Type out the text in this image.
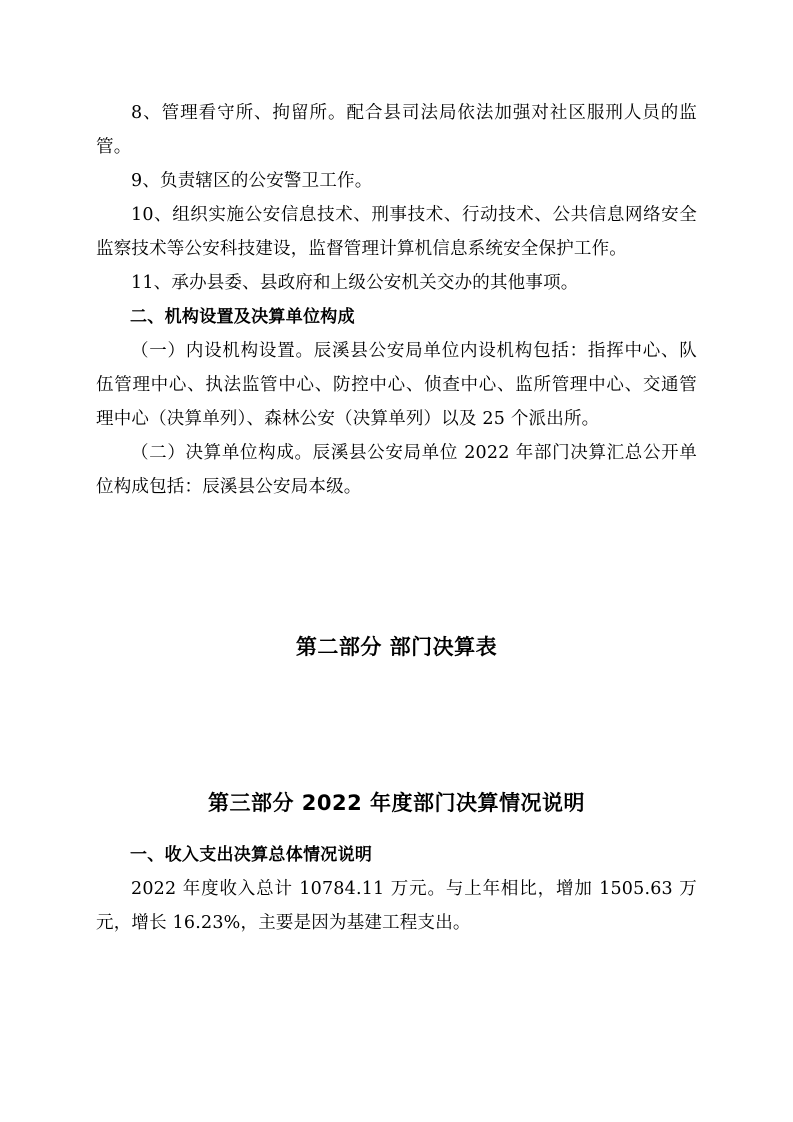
8、管理看守所、拘留所。配合县司法局依法加强对社区服刑人员的监管。

9、负责辖区的公安警卫工作。

10、组织实施公安信息技术、刑事技术、行动技术、公共信息网络安全监察技术等公安科技建设，监督管理计算机信息系统安全保护工作。

11、承办县委、县政府和上级公安机关交办的其他事项。

二、机构设置及决算单位构成

（一）内设机构设置。辰溪县公安局单位内设机构包括：指挥中心、队伍管理中心、执法监管中心、防控中心、侦查中心、监所管理中心、交通管理中心（决算单列）、森林公安（决算单列）以及 25 个派出所。

（二）决算单位构成。辰溪县公安局单位 2022 年部门决算汇总公开单位构成包括：辰溪县公安局本级。

第二部分 部门决算表

第三部分 2022 年度部门决算情况说明

一、收入支出决算总体情况说明

2022 年度收入总计 10784.11 万元。与上年相比，增加 1505.63 万元，增长 16.23%，主要是因为基建工程支出。
